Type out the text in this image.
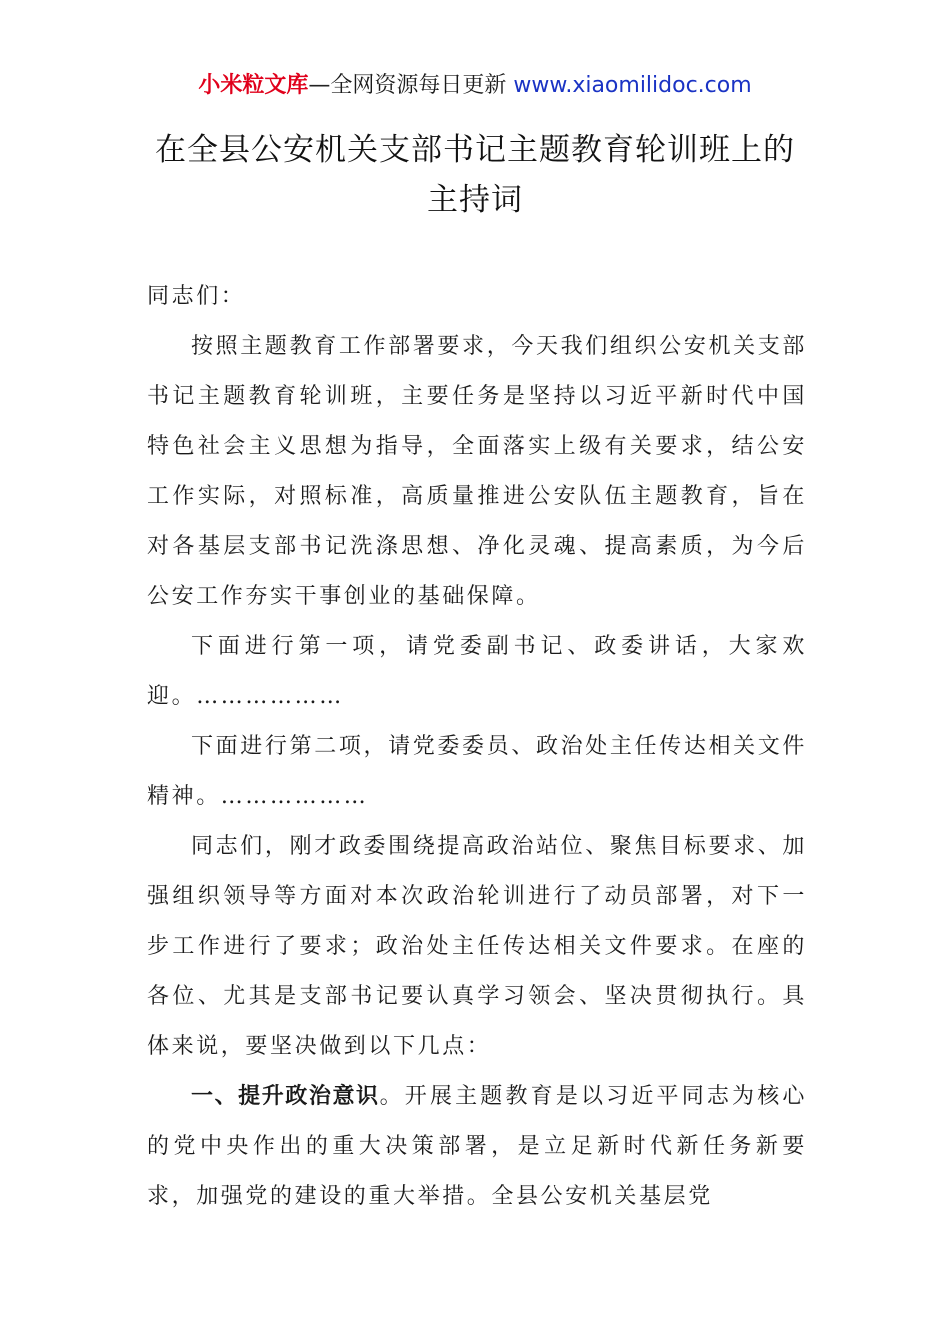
小米粒文库—全网资源每日更新 www.xiaomilidoc.com
在全县公安机关支部书记主题教育轮训班上的
主持词

同志们：

按照主题教育工作部署要求，今天我们组织公安机关支部书记主题教育轮训班，主要任务是坚持以习近平新时代中国特色社会主义思想为指导，全面落实上级有关要求，结公安工作实际，对照标准，高质量推进公安队伍主题教育，旨在对各基层支部书记洗涤思想、净化灵魂、提高素质，为今后公安工作夯实干事创业的基础保障。

下面进行第一项，请党委副书记、政委讲话，大家欢迎。………………

下面进行第二项，请党委委员、政治处主任传达相关文件精神。………………

同志们，刚才政委围绕提高政治站位、聚焦目标要求、加强组织领导等方面对本次政治轮训进行了动员部署，对下一步工作进行了要求；政治处主任传达相关文件要求。在座的各位、尤其是支部书记要认真学习领会、坚决贯彻执行。具体来说，要坚决做到以下几点：

一、提升政治意识。开展主题教育是以习近平同志为核心的党中央作出的重大决策部署，是立足新时代新任务新要求，加强党的建设的重大举措。全县公安机关基层党
